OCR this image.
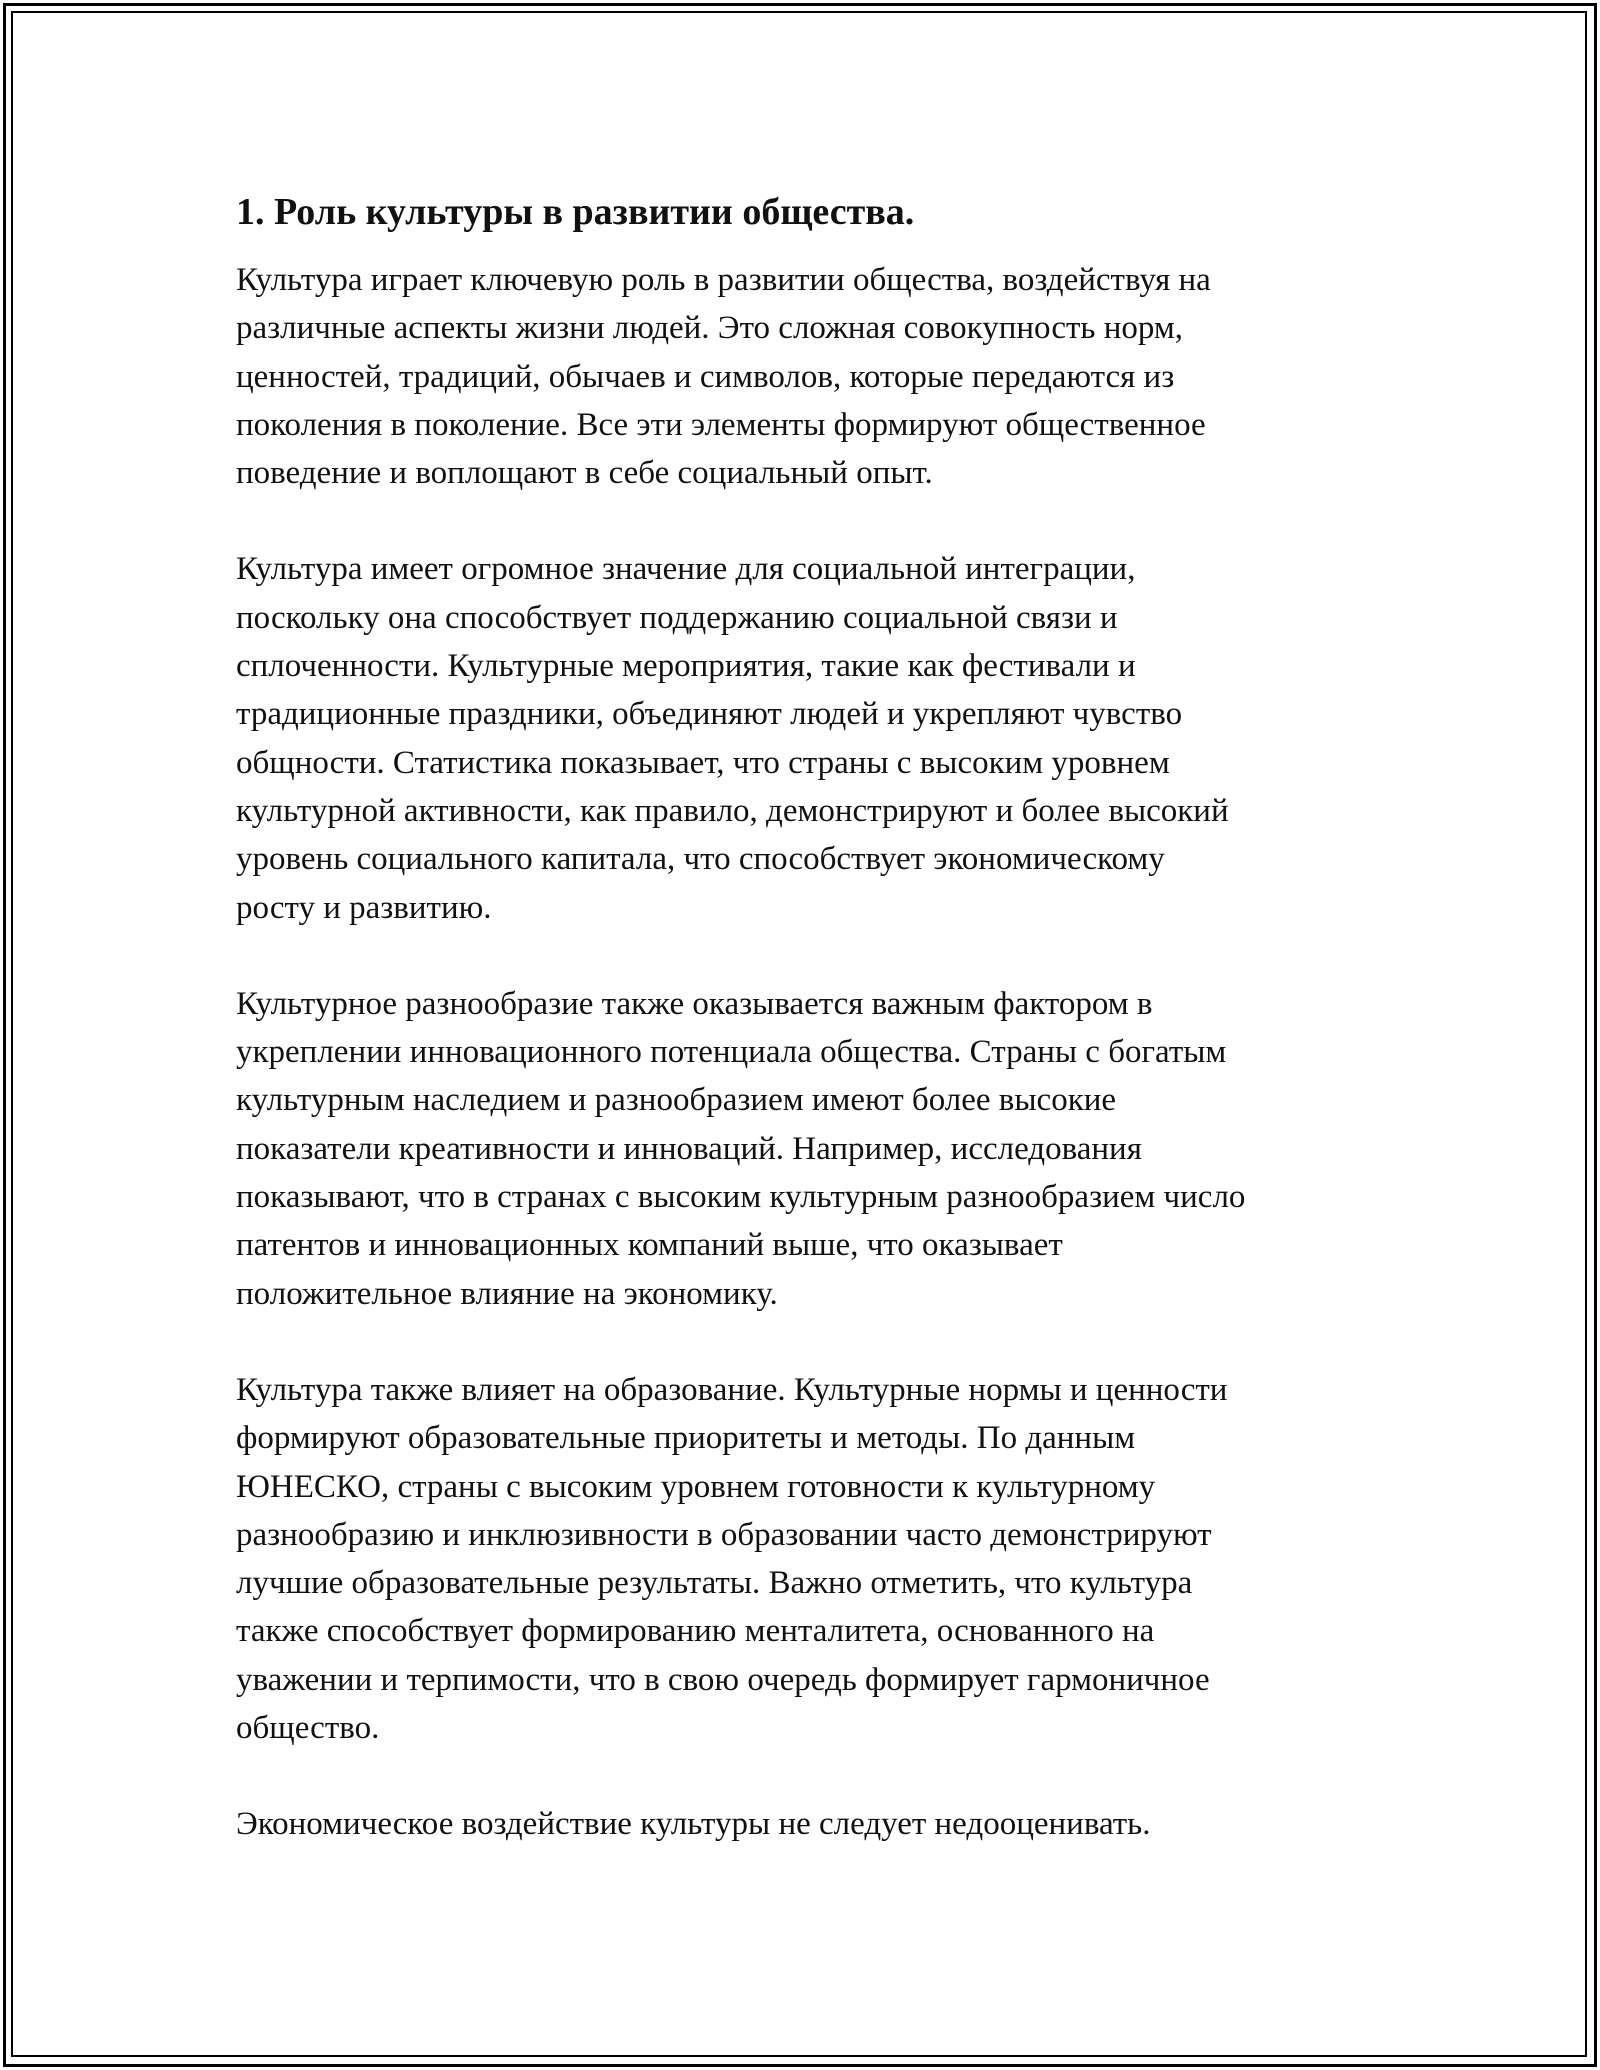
1. Роль культуры в развитии общества.
Культура играет ключевую роль в развитии общества, воздействуя на
различные аспекты жизни людей. Это сложная совокупность норм,
ценностей, традиций, обычаев и символов, которые передаются из
поколения в поколение. Все эти элементы формируют общественное
поведение и воплощают в себе социальный опыт.
Культура имеет огромное значение для социальной интеграции,
поскольку она способствует поддержанию социальной связи и
сплоченности. Культурные мероприятия, такие как фестивали и
традиционные праздники, объединяют людей и укрепляют чувство
общности. Статистика показывает, что страны с высоким уровнем
культурной активности, как правило, демонстрируют и более высокий
уровень социального капитала, что способствует экономическому
росту и развитию.
Культурное разнообразие также оказывается важным фактором в
укреплении инновационного потенциала общества. Страны с богатым
культурным наследием и разнообразием имеют более высокие
показатели креативности и инноваций. Например, исследования
показывают, что в странах с высоким культурным разнообразием число
патентов и инновационных компаний выше, что оказывает
положительное влияние на экономику.
Культура также влияет на образование. Культурные нормы и ценности
формируют образовательные приоритеты и методы. По данным
ЮНЕСКО, страны с высоким уровнем готовности к культурному
разнообразию и инклюзивности в образовании часто демонстрируют
лучшие образовательные результаты. Важно отметить, что культура
также способствует формированию менталитета, основанного на
уважении и терпимости, что в свою очередь формирует гармоничное
общество.
Экономическое воздействие культуры не следует недооценивать.
